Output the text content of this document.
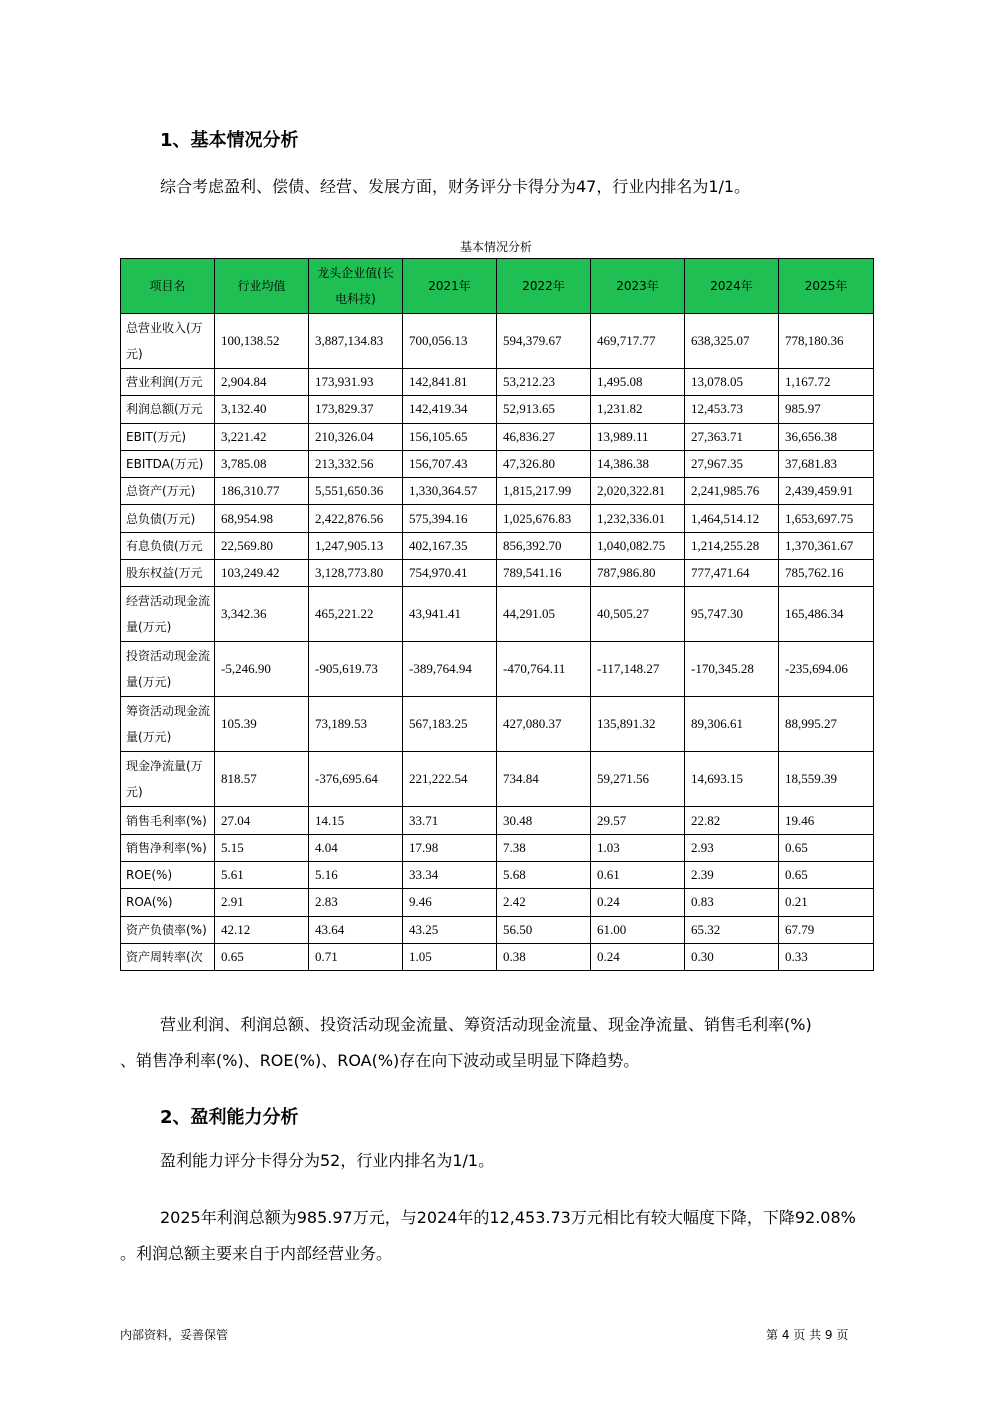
1、基本情况分析
综合考虑盈利、偿债、经营、发展方面，财务评分卡得分为47，行业内排名为1/1。
基本情况分析
项目名	行业均值	龙头企业值(长电科技)	2021年	2022年	2023年	2024年	2025年
总营业收入(万元)	100,138.52	3,887,134.83	700,056.13	594,379.67	469,717.77	638,325.07	778,180.36
营业利润(万元	2,904.84	173,931.93	142,841.81	53,212.23	1,495.08	13,078.05	1,167.72
利润总额(万元	3,132.40	173,829.37	142,419.34	52,913.65	1,231.82	12,453.73	985.97
EBIT(万元)	3,221.42	210,326.04	156,105.65	46,836.27	13,989.11	27,363.71	36,656.38
EBITDA(万元)	3,785.08	213,332.56	156,707.43	47,326.80	14,386.38	27,967.35	37,681.83
总资产(万元)	186,310.77	5,551,650.36	1,330,364.57	1,815,217.99	2,020,322.81	2,241,985.76	2,439,459.91
总负债(万元)	68,954.98	2,422,876.56	575,394.16	1,025,676.83	1,232,336.01	1,464,514.12	1,653,697.75
有息负债(万元	22,569.80	1,247,905.13	402,167.35	856,392.70	1,040,082.75	1,214,255.28	1,370,361.67
股东权益(万元	103,249.42	3,128,773.80	754,970.41	789,541.16	787,986.80	777,471.64	785,762.16
经营活动现金流量(万元)	3,342.36	465,221.22	43,941.41	44,291.05	40,505.27	95,747.30	165,486.34
投资活动现金流量(万元)	-5,246.90	-905,619.73	-389,764.94	-470,764.11	-117,148.27	-170,345.28	-235,694.06
筹资活动现金流量(万元)	105.39	73,189.53	567,183.25	427,080.37	135,891.32	89,306.61	88,995.27
现金净流量(万元)	818.57	-376,695.64	221,222.54	734.84	59,271.56	14,693.15	18,559.39
销售毛利率(%)	27.04	14.15	33.71	30.48	29.57	22.82	19.46
销售净利率(%)	5.15	4.04	17.98	7.38	1.03	2.93	0.65
ROE(%)	5.61	5.16	33.34	5.68	0.61	2.39	0.65
ROA(%)	2.91	2.83	9.46	2.42	0.24	0.83	0.21
资产负债率(%)	42.12	43.64	43.25	56.50	61.00	65.32	67.79
资产周转率(次	0.65	0.71	1.05	0.38	0.24	0.30	0.33
营业利润、利润总额、投资活动现金流量、筹资活动现金流量、现金净流量、销售毛利率(%)
、销售净利率(%)、ROE(%)、ROA(%)存在向下波动或呈明显下降趋势。
2、盈利能力分析
盈利能力评分卡得分为52，行业内排名为1/1。
2025年利润总额为985.97万元，与2024年的12,453.73万元相比有较大幅度下降，下降92.08%
。利润总额主要来自于内部经营业务。
内部资料，妥善保管	第 4 页 共 9 页
